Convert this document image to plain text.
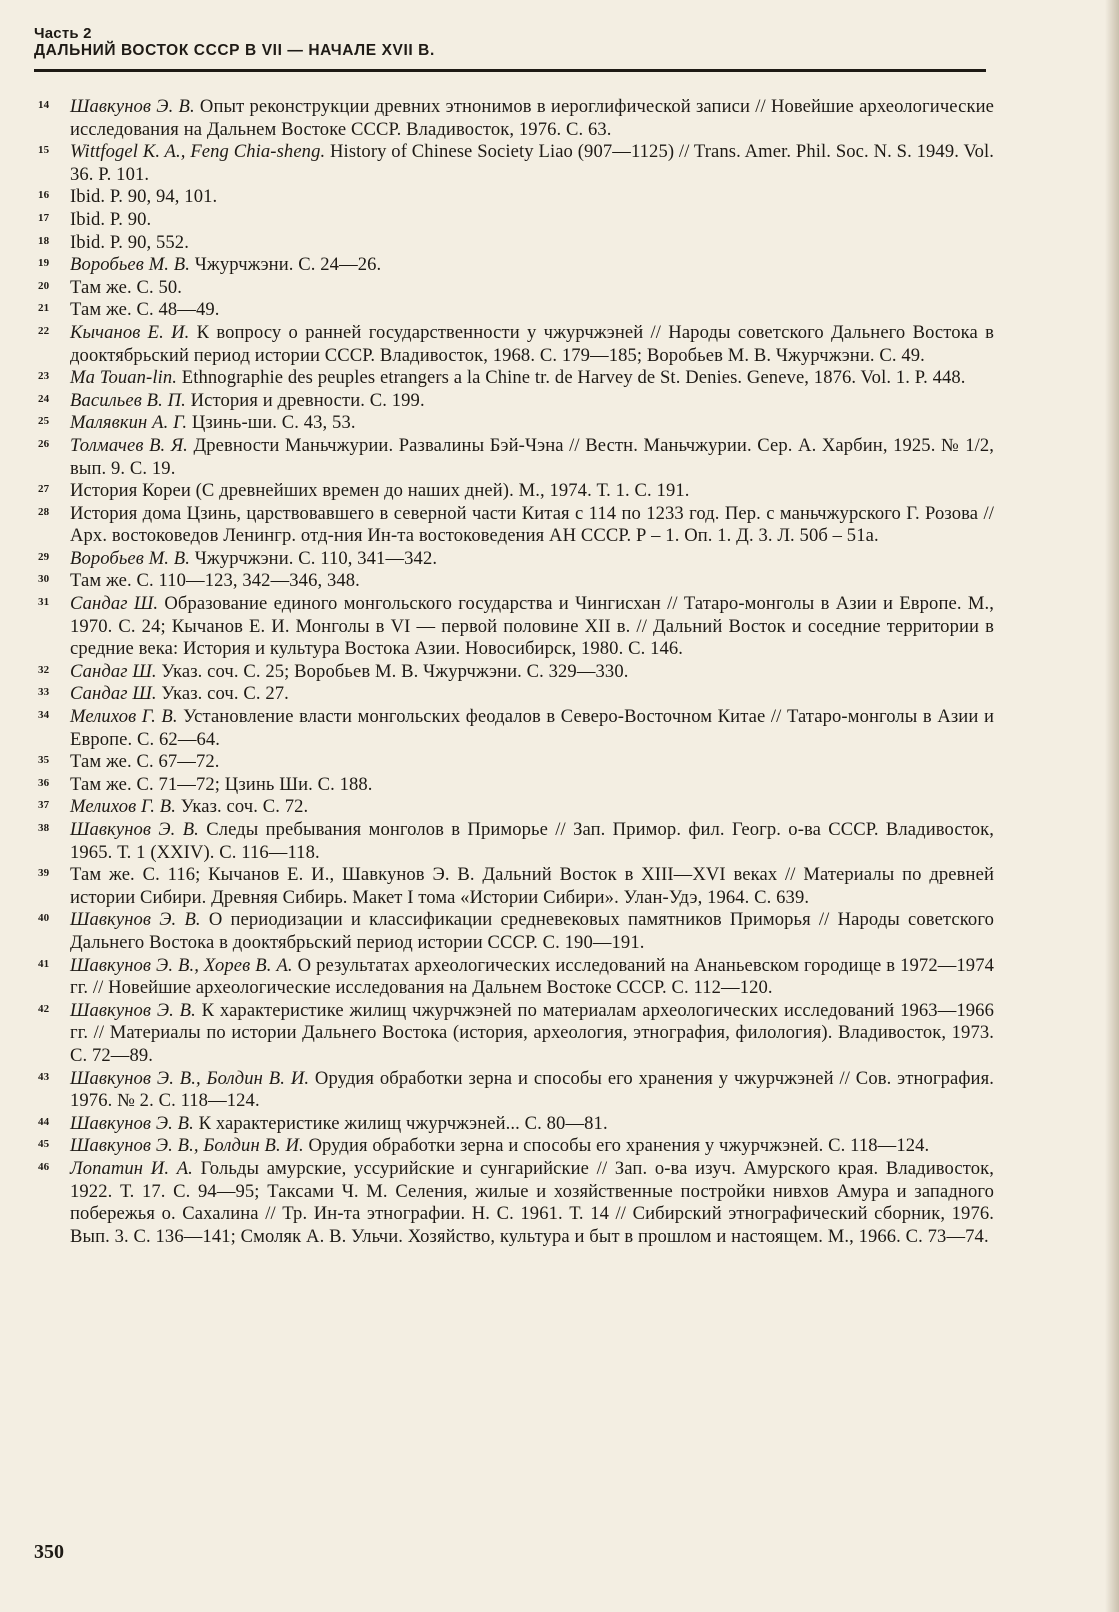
Часть 2
ДАЛЬНИЙ ВОСТОК СССР В VII — НАЧАЛЕ XVII В.
14 Шавкунов Э. В. Опыт реконструкции древних этнонимов в иероглифической записи // Новейшие археологические исследования на Дальнем Востоке СССР. Владивосток, 1976. С. 63.
15 Wittfogel K. A., Feng Chia-sheng. History of Chinese Society Liao (907—1125) // Trans. Amer. Phil. Soc. N. S. 1949. Vol. 36. P. 101.
16 Ibid. P. 90, 94, 101.
17 Ibid. P. 90.
18 Ibid. P. 90, 552.
19 Воробьев М. В. Чжурчжэни. С. 24—26.
20 Там же. С. 50.
21 Там же. С. 48—49.
22 Кычанов Е. И. К вопросу о ранней государственности у чжурчжэней // Народы советского Дальнего Востока в дооктябрьский период истории СССР. Владивосток, 1968. С. 179—185; Воробьев М. В. Чжурчжэни. С. 49.
23 Ma Touan-lin. Ethnographie des peuples etrangers a la Chine tr. de Harvey de St. Denies. Geneve, 1876. Vol. 1. P. 448.
24 Васильев В. П. История и древности. С. 199.
25 Малявкин А. Г. Цзинь-ши. С. 43, 53.
26 Толмачев В. Я. Древности Маньчжурии. Развалины Бэй-Чэна // Вестн. Маньчжурии. Сер. А. Харбин, 1925. № 1/2, вып. 9. С. 19.
27 История Кореи (С древнейших времен до наших дней). М., 1974. Т. 1. С. 191.
28 История дома Цзинь, царствовавшего в северной части Китая с 114 по 1233 год. Пер. с маньчжурского Г. Розова // Арх. востоковедов Ленингр. отд-ния Ин-та востоковедения АН СССР. Р – 1. Оп. 1. Д. 3. Л. 50б – 51а.
29 Воробьев М. В. Чжурчжэни. С. 110, 341—342.
30 Там же. С. 110—123, 342—346, 348.
31 Сандаг Ш. Образование единого монгольского государства и Чингисхан // Татаро-монголы в Азии и Европе. М., 1970. С. 24; Кычанов Е. И. Монголы в VI — первой половине XII в. // Дальний Восток и соседние территории в средние века: История и культура Востока Азии. Новосибирск, 1980. С. 146.
32 Сандаг Ш. Указ. соч. С. 25; Воробьев М. В. Чжурчжэни. С. 329—330.
33 Сандаг Ш. Указ. соч. С. 27.
34 Мелихов Г. В. Установление власти монгольских феодалов в Северо-Восточном Китае // Татаро-монголы в Азии и Европе. С. 62—64.
35 Там же. С. 67—72.
36 Там же. С. 71—72; Цзинь Ши. С. 188.
37 Мелихов Г. В. Указ. соч. С. 72.
38 Шавкунов Э. В. Следы пребывания монголов в Приморье // Зап. Примор. фил. Геогр. о-ва СССР. Владивосток, 1965. Т. 1 (XXIV). С. 116—118.
39 Там же. С. 116; Кычанов Е. И., Шавкунов Э. В. Дальний Восток в XIII—XVI веках // Материалы по древней истории Сибири. Древняя Сибирь. Макет I тома «Истории Сибири». Улан-Удэ, 1964. С. 639.
40 Шавкунов Э. В. О периодизации и классификации средневековых памятников Приморья // Народы советского Дальнего Востока в дооктябрьский период истории СССР. С. 190—191.
41 Шавкунов Э. В., Хорев В. А. О результатах археологических исследований на Ананьевском городище в 1972—1974 гг. // Новейшие археологические исследования на Дальнем Востоке СССР. С. 112—120.
42 Шавкунов Э. В. К характеристике жилищ чжурчжэней по материалам археологических исследований 1963—1966 гг. // Материалы по истории Дальнего Востока (история, археология, этнография, филология). Владивосток, 1973. С. 72—89.
43 Шавкунов Э. В., Болдин В. И. Орудия обработки зерна и способы его хранения у чжурчжэней // Сов. этнография. 1976. № 2. С. 118—124.
44 Шавкунов Э. В. К характеристике жилищ чжурчжэней... С. 80—81.
45 Шавкунов Э. В., Болдин В. И. Орудия обработки зерна и способы его хранения у чжурчжэней. С. 118—124.
46 Лопатин И. А. Гольды амурские, уссурийские и сунгарийские // Зап. о-ва изуч. Амурского края. Владивосток, 1922. Т. 17. С. 94—95; Таксами Ч. М. Селения, жилые и хозяйственные постройки нивхов Амура и западного побережья о. Сахалина // Тр. Ин-та этнографии. Н. С. 1961. Т. 14 // Сибирский этнографический сборник, 1976. Вып. 3. С. 136—141; Смоляк А. В. Ульчи. Хозяйство, культура и быт в прошлом и настоящем. М., 1966. С. 73—74.
350
